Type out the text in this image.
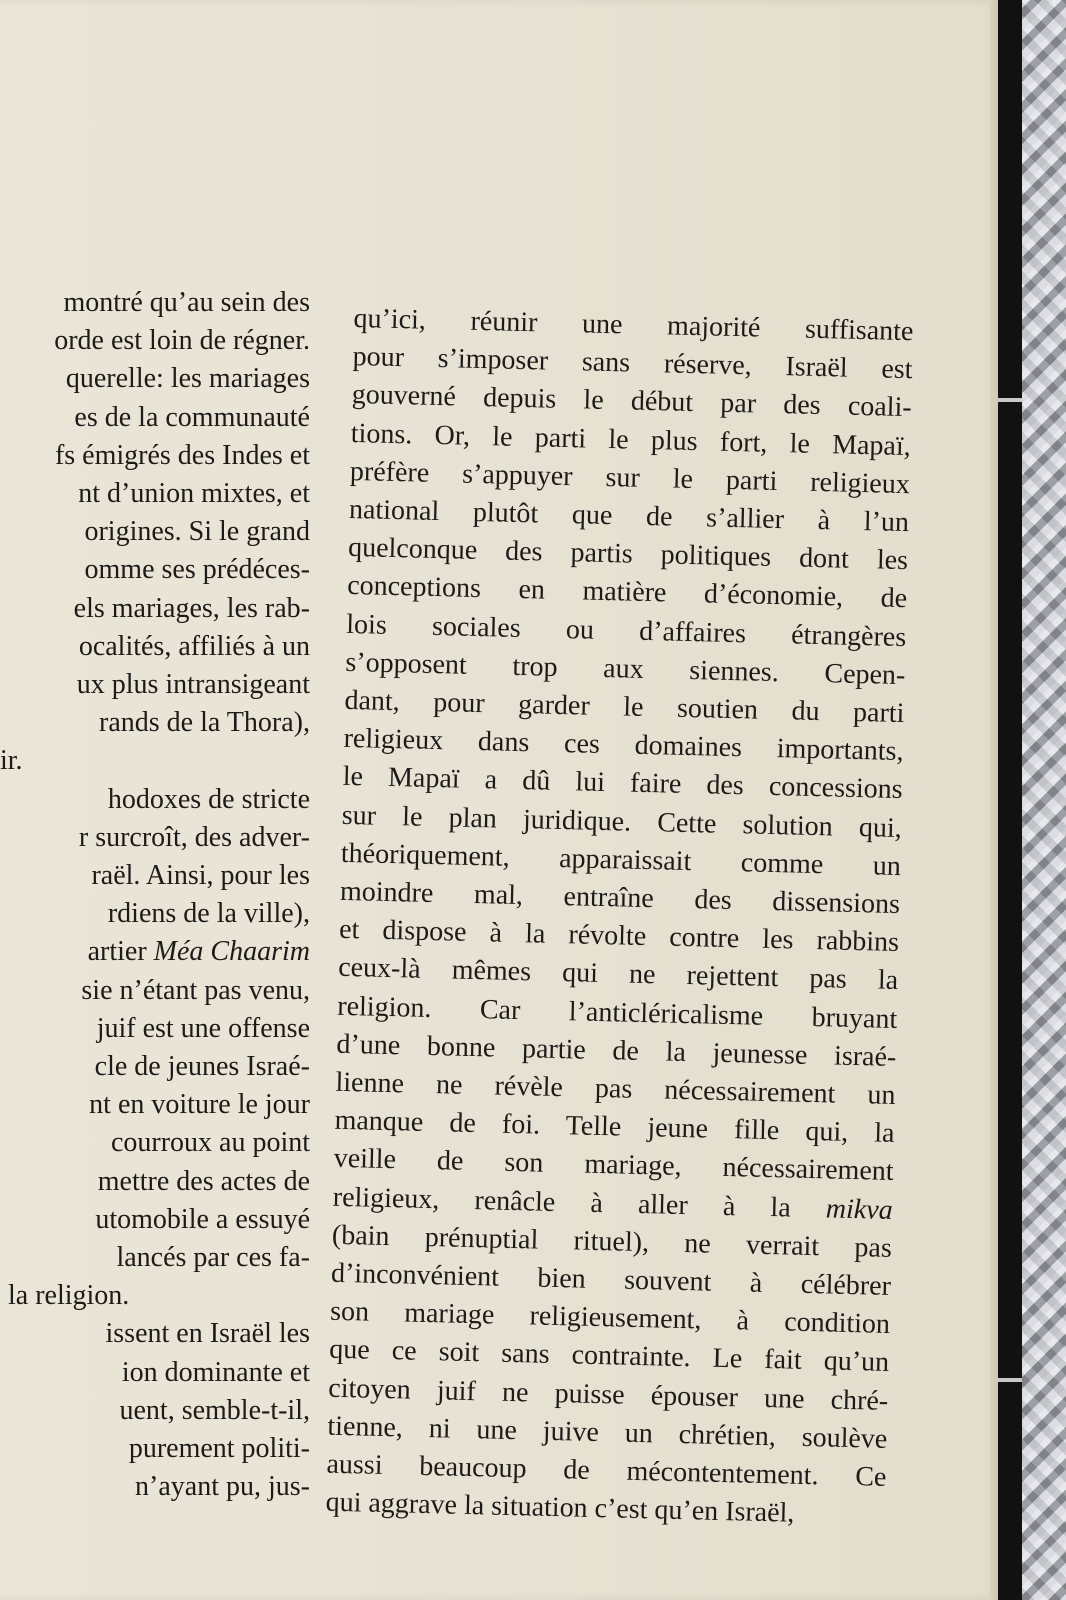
montré qu’au sein des
orde est loin de régner.
querelle: les mariages
es de la communauté
fs émigrés des Indes et
nt d’union mixtes, et
origines. Si le grand
omme ses prédéces-
els mariages, les rab-
ocalités, affiliés à un
ux plus intransigeant
rands de la Thora),
ir.
hodoxes de stricte
r surcroît, des adver-
raël. Ainsi, pour les
rdiens de la ville),
artier Méa Chaarim
sie n’étant pas venu,
juif est une offense
cle de jeunes Israé-
nt en voiture le jour
courroux au point
mettre des actes de
utomobile a essuyé
lancés par ces fa-
la religion.
issent en Israël les
ion dominante et
uent, semble-t-il,
purement politi-
n’ayant pu, jus-
qu’ici, réunir une majorité suffisante
pour s’imposer sans réserve, Israël est
gouverné depuis le début par des coali-
tions. Or, le parti le plus fort, le Mapaï,
préfère s’appuyer sur le parti religieux
national plutôt que de s’allier à l’un
quelconque des partis politiques dont les
conceptions en matière d’économie, de
lois sociales ou d’affaires étrangères
s’opposent trop aux siennes. Cepen-
dant, pour garder le soutien du parti
religieux dans ces domaines importants,
le Mapaï a dû lui faire des concessions
sur le plan juridique. Cette solution qui,
théoriquement, apparaissait comme un
moindre mal, entraîne des dissensions
et dispose à la révolte contre les rabbins
ceux-là mêmes qui ne rejettent pas la
religion. Car l’anticléricalisme bruyant
d’une bonne partie de la jeunesse israé-
lienne ne révèle pas nécessairement un
manque de foi. Telle jeune fille qui, la
veille de son mariage, nécessairement
religieux, renâcle à aller à la mikva
(bain prénuptial rituel), ne verrait pas
d’inconvénient bien souvent à célébrer
son mariage religieusement, à condition
que ce soit sans contrainte. Le fait qu’un
citoyen juif ne puisse épouser une chré-
tienne, ni une juive un chrétien, soulève
aussi beaucoup de mécontentement. Ce
qui aggrave la situation c’est qu’en Israël,
